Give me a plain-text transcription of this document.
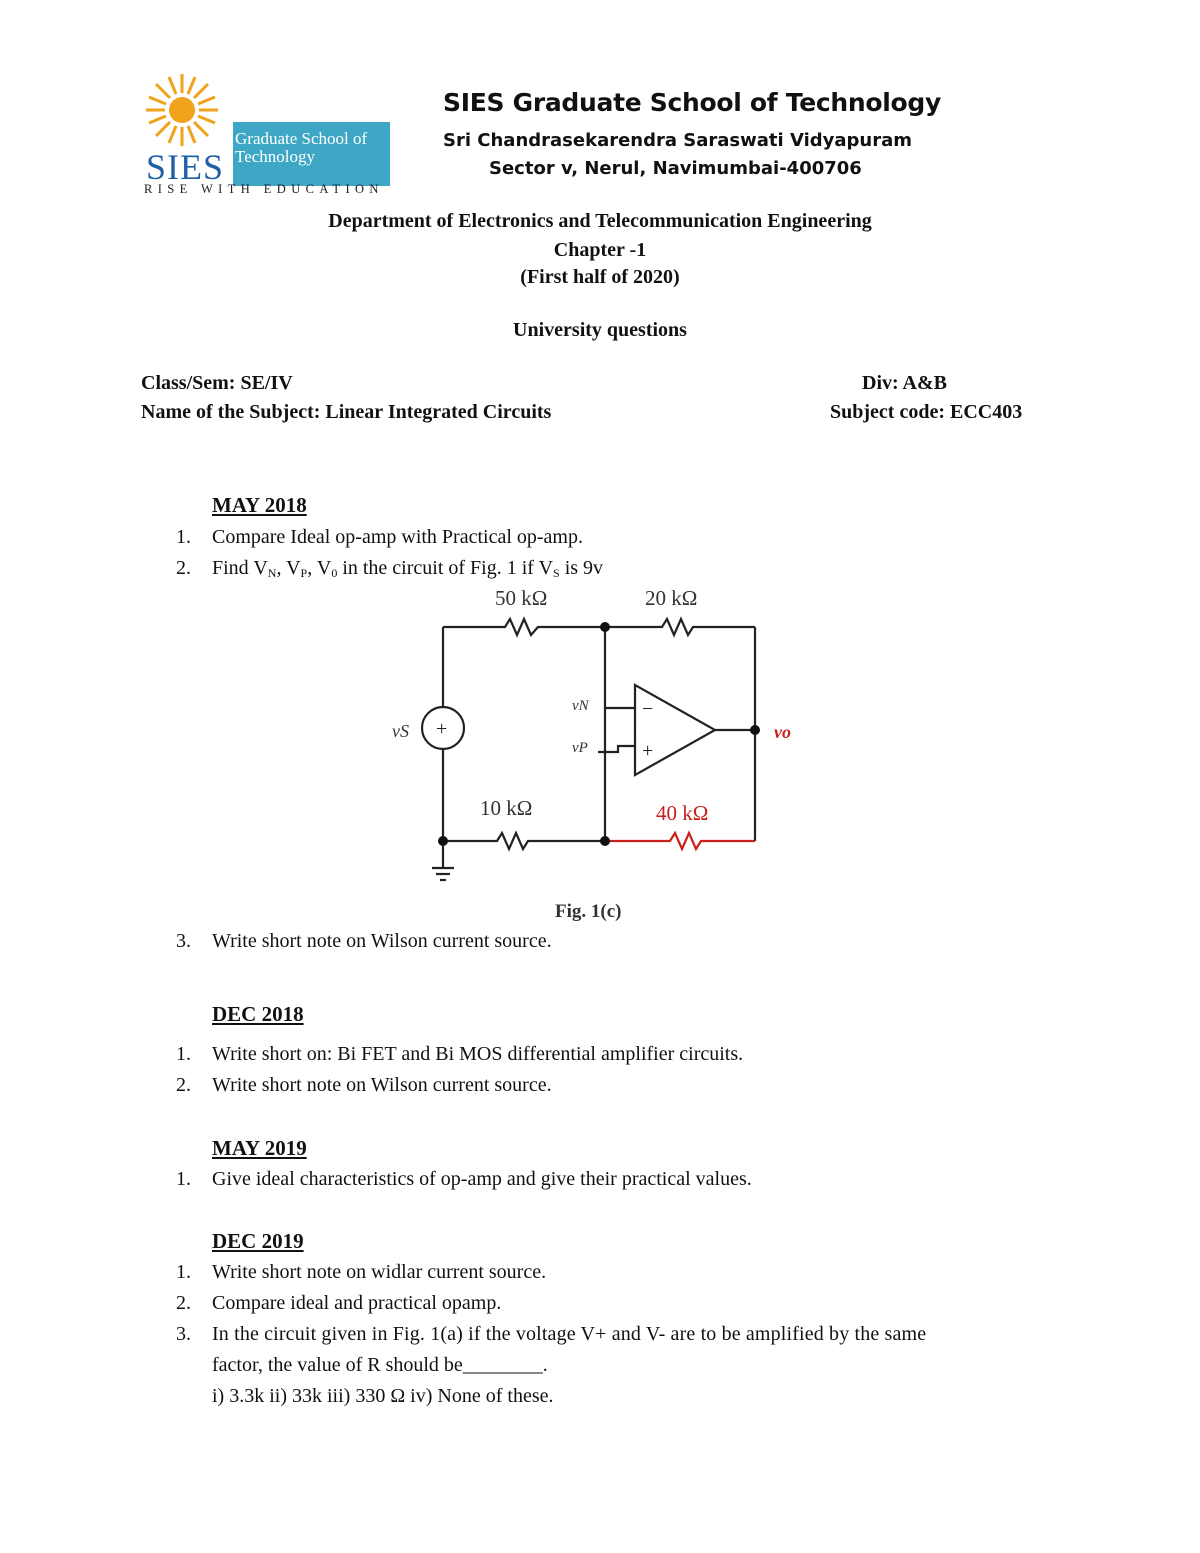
SIES
Graduate School of Technology
RISE WITH EDUCATION
SIES Graduate School of Technology
Sri Chandrasekarendra Saraswati Vidyapuram
Sector v, Nerul, Navimumbai-400706
Department of Electronics and Telecommunication Engineering
Chapter -1
(First half of 2020)
University questions
Class/Sem: SE/IV	Div: A&B
Name of the Subject: Linear Integrated Circuits	Subject code: ECC403
MAY 2018
1. Compare Ideal op-amp with Practical op-amp.
2. Find $V_N$, $V_P$, $V_0$ in the circuit of Fig. 1 if $V_S$ is 9v
50 kΩ	20 kΩ
10 kΩ	40 kΩ
vS +
vN
vP
−
+
vo
Fig. 1(c)
3. Write short note on Wilson current source.
DEC 2018
1. Write short on: Bi FET and Bi MOS differential amplifier circuits.
2. Write short note on Wilson current source.
MAY 2019
1. Give ideal characteristics of op-amp and give their practical values.
DEC 2019
1. Write short note on widlar current source.
2. Compare ideal and practical opamp.
3. In the circuit given in Fig. 1(a) if the voltage V+ and V- are to be amplified by the same
factor, the value of R should be________.
i) 3.3k ii) 33k iii) 330 Ω iv) None of these.
